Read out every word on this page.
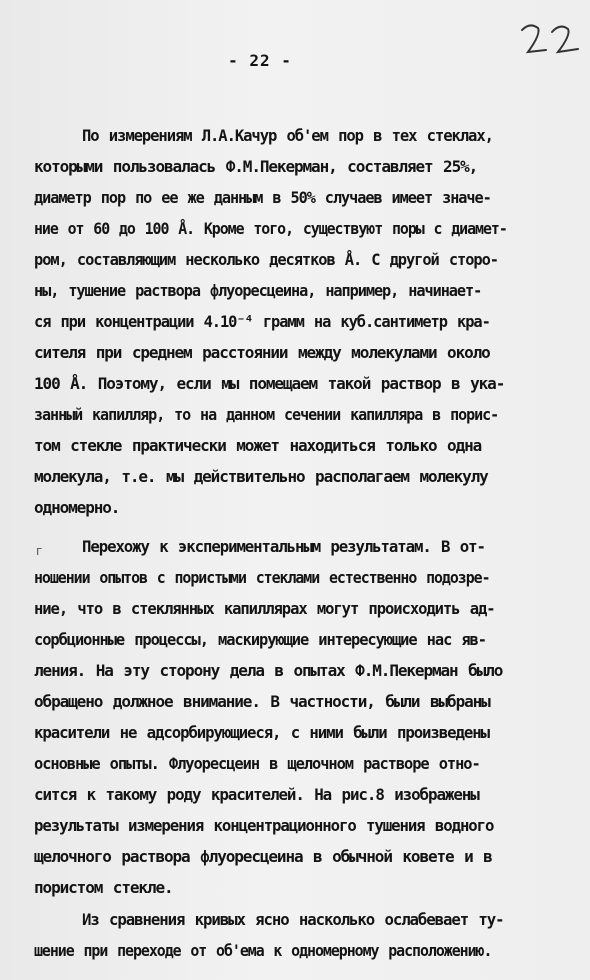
- 22 -
По измерениям Л.А.Качур об'ем пор в тех стеклах,
которыми пользовалась Ф.М.Пекерман, составляет 25%,
диаметр пор по ее же данным в 50% случаев имеет значе-
ние от 60 до 100 Å. Кроме того, существуют поры с диамет-
ром, составляющим несколько десятков Å. С другой сторо-
ны, тушение раствора флуоресцеина, например, начинает-
ся при концентрации 4.10⁻⁴ грамм на куб.сантиметр кра-
сителя при среднем расстоянии между молекулами около
100 Å. Поэтому, если мы помещаем такой раствор в ука-
занный капилляр, то на данном сечении капилляра в порис-
том стекле практически может находиться только одна
молекула, т.е. мы действительно располагаем молекулу
одномерно.
г Перехожу к экспериментальным результатам. В от-
ношении опытов с пористыми стеклами естественно подозре-
ние, что в стеклянных капиллярах могут происходить ад-
сорбционные процессы, маскирующие интересующие нас яв-
ления. На эту сторону дела в опытах Ф.М.Пекерман было
обращено должное внимание. В частности, были выбраны
красители не адсорбирующиеся, с ними были произведены
основные опыты. Флуоресцеин в щелочном растворе отно-
сится к такому роду красителей. На рис.8 изображены
результаты измерения концентрационного тушения водного
щелочного раствора флуоресцеина в обычной ковете и в
пористом стекле.
Из сравнения кривых ясно насколько ослабевает ту-
шение при переходе от об'ема к одномерному расположению.
